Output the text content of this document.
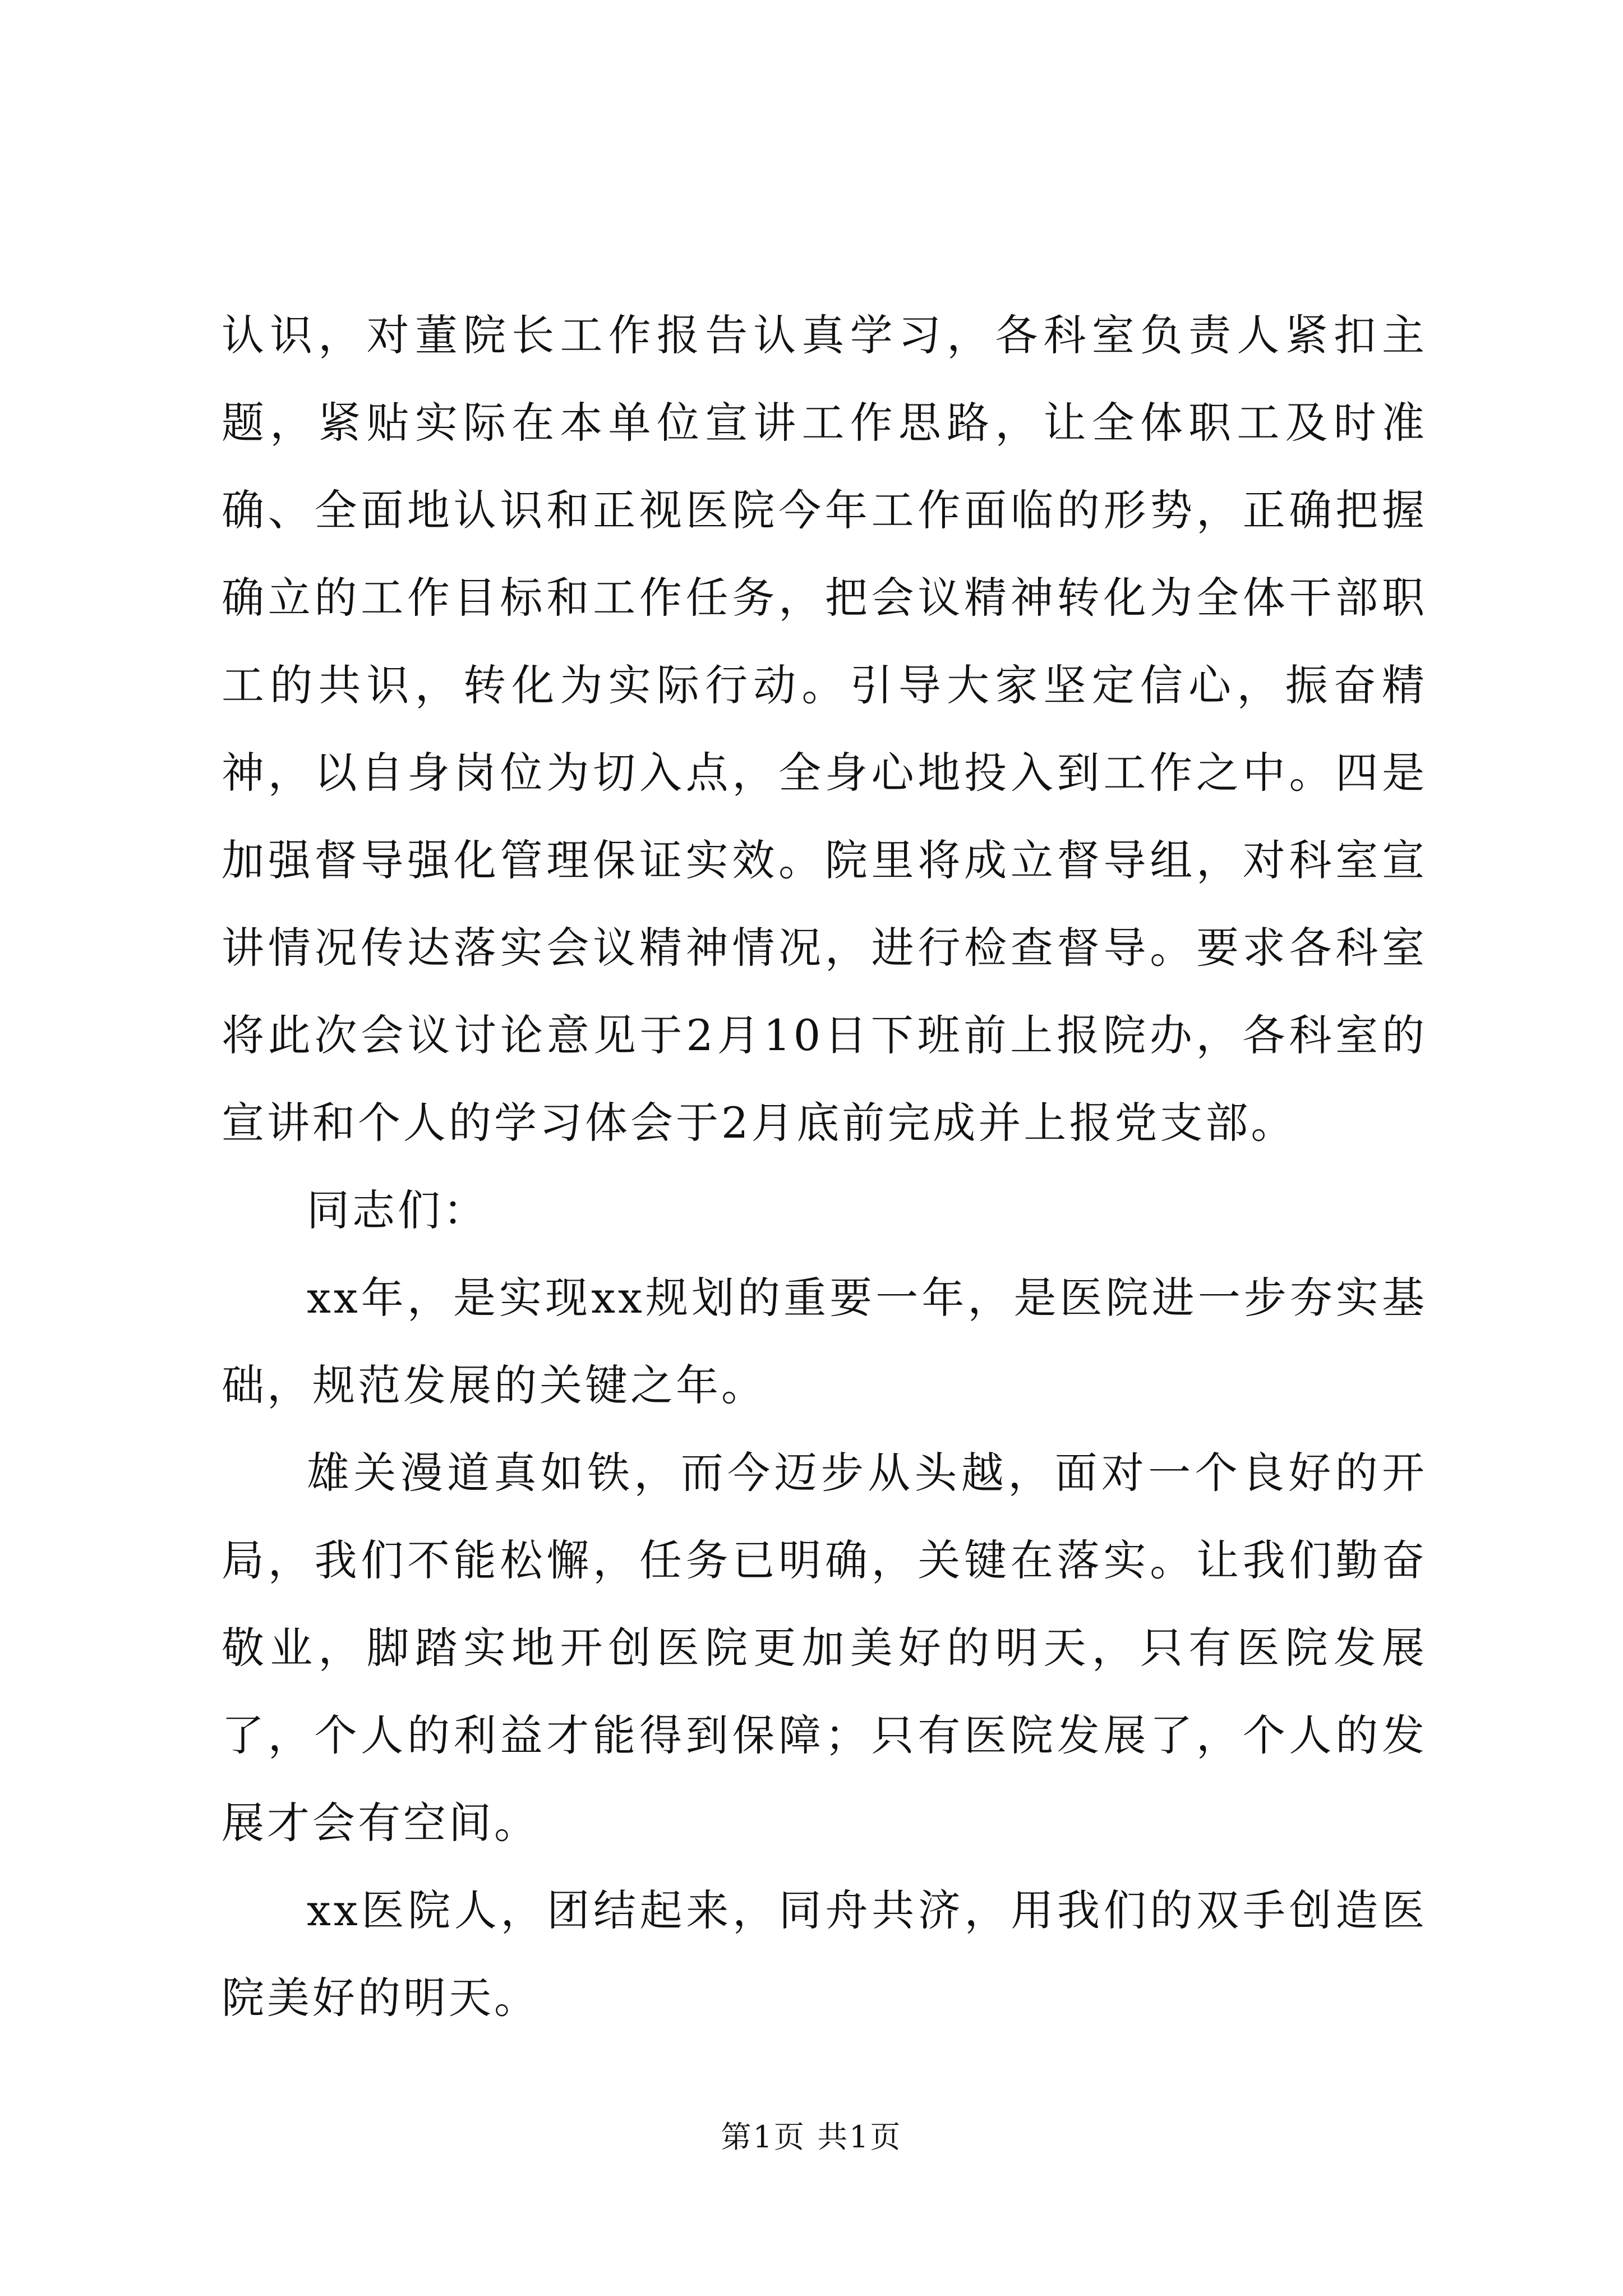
认识，对董院长工作报告认真学习，各科室负责人紧扣主题，紧贴实际在本单位宣讲工作思路，让全体职工及时准确、全面地认识和正视医院今年工作面临的形势，正确把握确立的工作目标和工作任务，把会议精神转化为全体干部职工的共识，转化为实际行动。引导大家坚定信心，振奋精神，以自身岗位为切入点，全身心地投入到工作之中。四是加强督导强化管理保证实效。院里将成立督导组，对科室宣讲情况传达落实会议精神情况，进行检查督导。要求各科室将此次会议讨论意见于2月10日下班前上报院办，各科室的宣讲和个人的学习体会于2月底前完成并上报党支部。

同志们：

xx年，是实现xx规划的重要一年，是医院进一步夯实基础，规范发展的关键之年。

雄关漫道真如铁，而今迈步从头越，面对一个良好的开局，我们不能松懈，任务已明确，关键在落实。让我们勤奋敬业，脚踏实地开创医院更加美好的明天，只有医院发展了，个人的利益才能得到保障；只有医院发展了，个人的发展才会有空间。

xx医院人，团结起来，同舟共济，用我们的双手创造医院美好的明天。

第1页 共1页
